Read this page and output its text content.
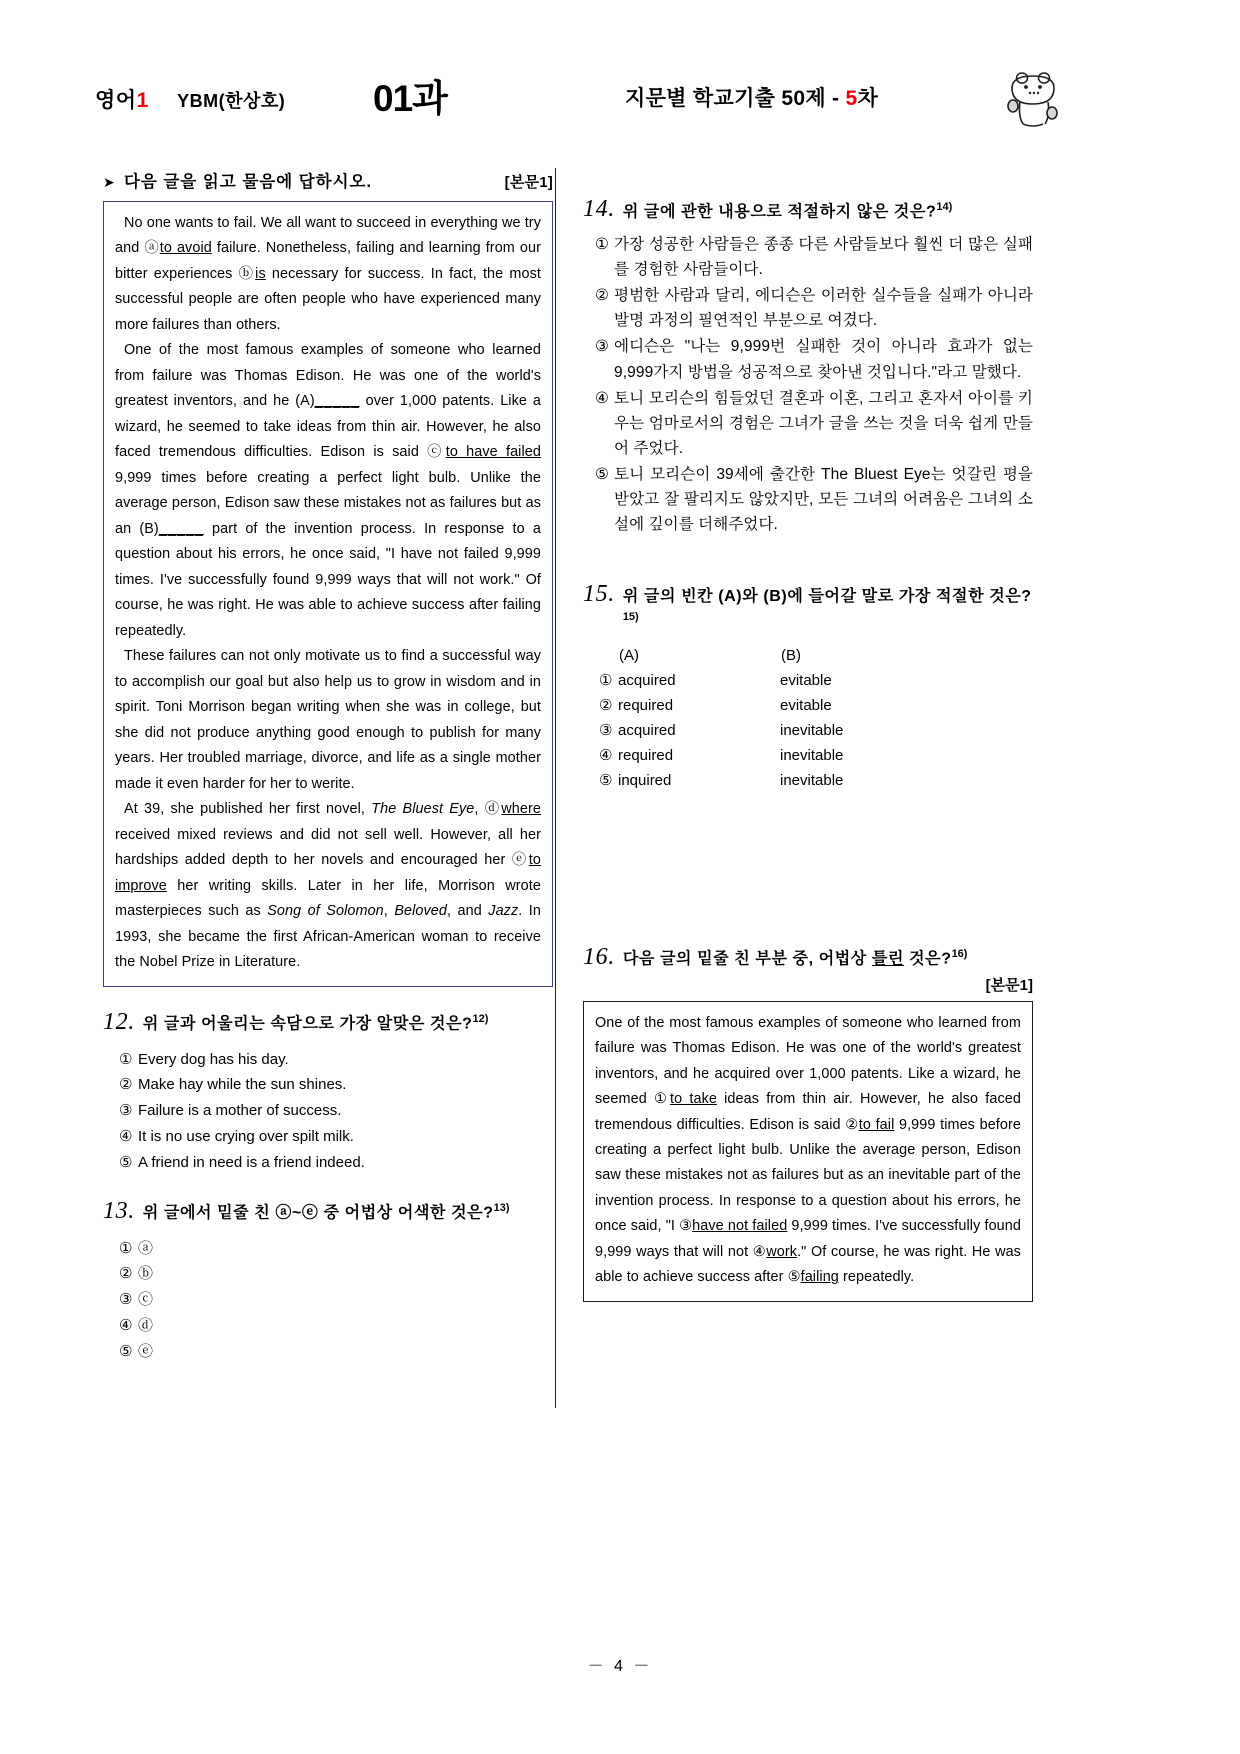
영어1 YBM(한상호) 01과	지문별 학교기출 50제 - 5차
➤ 다음 글을 읽고 물음에 답하시오.	[본문1]

No one wants to fail. We all want to succeed in everything we try and ⓐto avoid failure. Nonetheless, failing and learning from our bitter experiences ⓑis necessary for success. In fact, the most successful people are often people who have experienced many more failures than others.

One of the most famous examples of someone who learned from failure was Thomas Edison. He was one of the world's greatest inventors, and he (A)_____ over 1,000 patents. Like a wizard, he seemed to take ideas from thin air. However, he also faced tremendous difficulties. Edison is said ⓒto have failed 9,999 times before creating a perfect light bulb. Unlike the average person, Edison saw these mistakes not as failures but as an (B)_____ part of the invention process. In response to a question about his errors, he once said, "I have not failed 9,999 times. I've successfully found 9,999 ways that will not work." Of course, he was right. He was able to achieve success after failing repeatedly.

These failures can not only motivate us to find a successful way to accomplish our goal but also help us to grow in wisdom and in spirit. Toni Morrison began writing when she was in college, but she did not produce anything good enough to publish for many years. Her troubled marriage, divorce, and life as a single mother made it even harder for her to werite.

At 39, she published her first novel, The Bluest Eye, ⓓwhere received mixed reviews and did not sell well. However, all her hardships added depth to her novels and encouraged her ⓔto improve her writing skills. Later in her life, Morrison wrote masterpieces such as Song of Solomon, Beloved, and Jazz. In 1993, she became the first African-American woman to receive the Nobel Prize in Literature.

12. 위 글과 어울리는 속담으로 가장 알맞은 것은?$^{12)}$
① Every dog has his day.
② Make hay while the sun shines.
③ Failure is a mother of success.
④ It is no use crying over spilt milk.
⑤ A friend in need is a friend indeed.
13. 위 글에서 밑줄 친 ⓐ~ⓔ 중 어법상 어색한 것은?$^{13)}$
① ⓐ
② ⓑ
③ ⓒ
④ ⓓ
⑤ ⓔ
14. 위 글에 관한 내용으로 적절하지 않은 것은?$^{14)}$
① 가장 성공한 사람들은 종종 다른 사람들보다 훨씬 더 많은 실패를 경험한 사람들이다.
② 평범한 사람과 달리, 에디슨은 이러한 실수들을 실패가 아니라 발명 과정의 필연적인 부분으로 여겼다.
③ 에디슨은 "나는 9,999번 실패한 것이 아니라 효과가 없는 9,999가지 방법을 성공적으로 찾아낸 것입니다."라고 말했다.
④ 토니 모리슨의 힘들었던 결혼과 이혼, 그리고 혼자서 아이를 키우는 엄마로서의 경험은 그녀가 글을 쓰는 것을 더욱 쉽게 만들어 주었다.
⑤ 토니 모리슨이 39세에 출간한 The Bluest Eye는 엇갈린 평을 받았고 잘 팔리지도 않았지만, 모든 그녀의 어려움은 그녀의 소설에 깊이를 더해주었다.
15. 위 글의 빈칸 (A)와 (B)에 들어갈 말로 가장 적절한 것은?$^{15)}$
(A)	(B)
① acquired	evitable
② required	evitable
③ acquired	inevitable
④ required	inevitable
⑤ inquired	inevitable
16. 다음 글의 밑줄 친 부분 중, 어법상 틀린 것은?$^{16)}$
[본문1]

One of the most famous examples of someone who learned from failure was Thomas Edison. He was one of the world's greatest inventors, and he acquired over 1,000 patents. Like a wizard, he seemed ①to take ideas from thin air. However, he also faced tremendous difficulties. Edison is said ②to fail 9,999 times before creating a perfect light bulb. Unlike the average person, Edison saw these mistakes not as failures but as an inevitable part of the invention process. In response to a question about his errors, he once said, "I ③have not failed 9,999 times. I've successfully found 9,999 ways that will not ④work." Of course, he was right. He was able to achieve success after ⑤failing repeatedly.

－ 4 －
